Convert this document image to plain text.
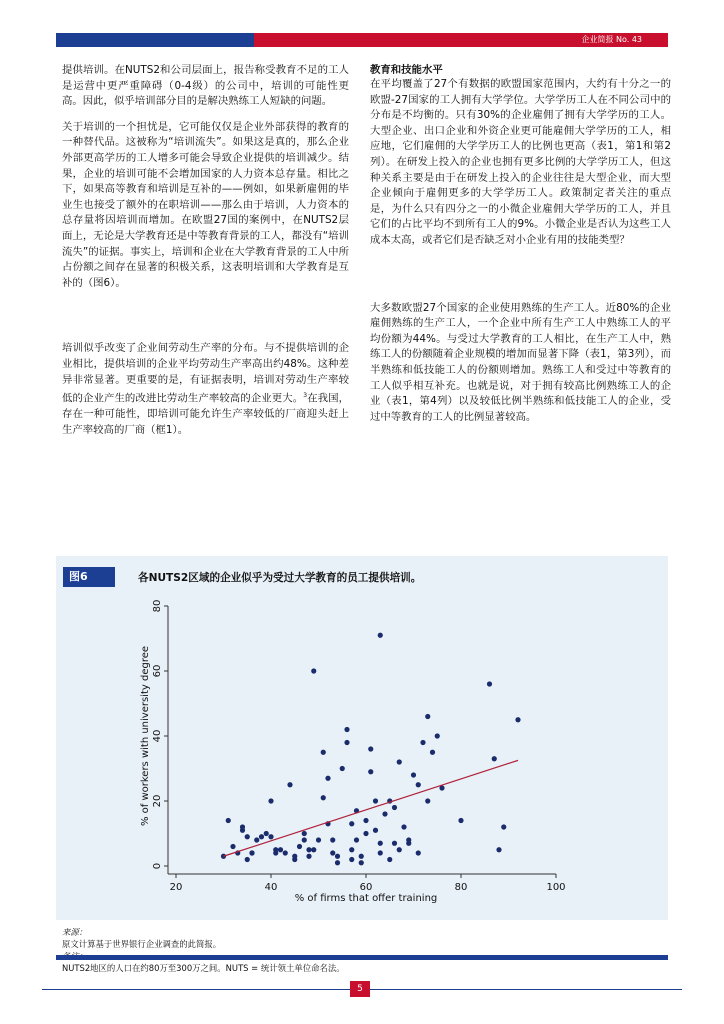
企业简报 No. 43

提供培训。在NUTS2和公司层面上，报告称受教育不足的工人是运营中更严重障碍（0-4级）的公司中，培训的可能性更高。因此，似乎培训部分目的是解决熟练工人短缺的问题。

关于培训的一个担忧是，它可能仅仅是企业外部获得的教育的一种替代品。这被称为“培训流失”。如果这是真的，那么企业外部更高学历的工人增多可能会导致企业提供的培训减少。结果，企业的培训可能不会增加国家的人力资本总存量。相比之下，如果高等教育和培训是互补的——例如，如果新雇佣的毕业生也接受了额外的在职培训——那么由于培训，人力资本的总存量将因培训而增加。在欧盟27国的案例中，在NUTS2层面上，无论是大学教育还是中等教育背景的工人，都没有“培训流失”的证据。事实上，培训和企业在大学教育背景的工人中所占份额之间存在显著的积极关系，这表明培训和大学教育是互补的（图6）。

培训似乎改变了企业间劳动生产率的分布。与不提供培训的企业相比，提供培训的企业平均劳动生产率高出约48%。这种差异非常显著。更重要的是，有证据表明，培训对劳动生产率较低的企业产生的改进比劳动生产率较高的企业更大。$^3$在我国，存在一种可能性，即培训可能允许生产率较低的厂商迎头赶上生产率较高的厂商（框1）。

教育和技能水平

在平均覆盖了27个有数据的欧盟国家范围内，大约有十分之一的欧盟-27国家的工人拥有大学学位。大学学历工人在不同公司中的分布是不均衡的。只有30%的企业雇佣了拥有大学学历的工人。大型企业、出口企业和外资企业更可能雇佣大学学历的工人，相应地，它们雇佣的大学学历工人的比例也更高（表1，第1和第2列）。在研发上投入的企业也拥有更多比例的大学学历工人，但这种关系主要是由于在研发上投入的企业往往是大型企业，而大型企业倾向于雇佣更多的大学学历工人。政策制定者关注的重点是，为什么只有四分之一的小微企业雇佣大学学历的工人，并且它们的占比平均不到所有工人的9%。小微企业是否认为这些工人成本太高，或者它们是否缺乏对小企业有用的技能类型？

大多数欧盟27个国家的企业使用熟练的生产工人。近80%的企业雇佣熟练的生产工人，一个企业中所有生产工人中熟练工人的平均份额为44%。与受过大学教育的工人相比，在生产工人中，熟练工人的份额随着企业规模的增加而显著下降（表1，第3列），而半熟练和低技能工人的份额则增加。熟练工人和受过中等教育的工人似乎相互补充。也就是说，对于拥有较高比例熟练工人的企业（表1，第4列）以及较低比例半熟练和低技能工人的企业，受过中等教育的工人的比例显著较高。

图6	各NUTS2区域的企业似乎为受过大学教育的员工提供培训。
20	40	60	80	100
0
20
40
60
80
% of firms that offer training
% of workers with university degree
来源：
原文计算基于世界银行企业调查的此简报。
NUTS2地区的人口在约80万至300万之间。NUTS = 统计领土单位命名法。
5
